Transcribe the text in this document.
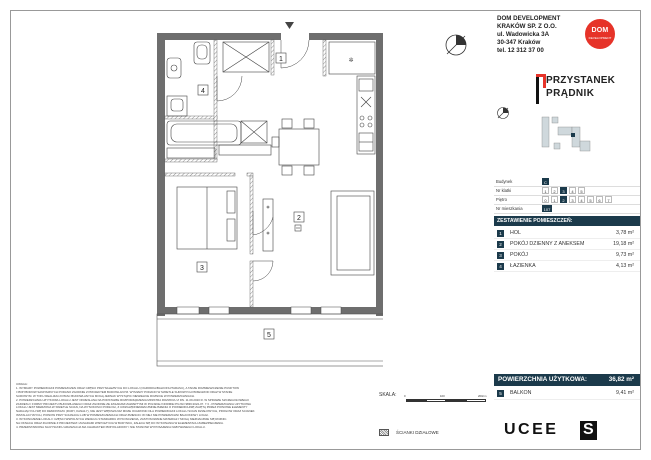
✲
1
2
3
4
5
DOM DEVELOPMENT
KRAKÓW SP. Z O.O.
ul. Wadowicka 3A
30-347 Kraków
tel. 12 312 37 00
DOM
DEVELOPMENT
PRZYSTANEK
PRĄDNIK
Budynek	C
Nr klatki	1	2	3	4	5
Piętro	0	1	2	3	4	5	6	7
Nr mieszkania	107
ZESTAWIENIE POMIESZCZEŃ:
1	HOL	3,78 m²
2	POKÓJ DZIENNY Z ANEKSEM	19,18 m²
3	POKÓJ	9,73 m²
4	ŁAZIENKA	4,13 m²
POWIERZCHNIA UŻYTKOWA:	36,82 m²
5	BALKON	9,41 m²
UWAGA:
1. WYMIARY POWIERZCHNI POMIESZCZEŃ ORAZ CZĘŚCI PRZYNALEŻNYCH DO LOKALU (OGRÓDKA/BALKONU/TARASU), A TAKŻE ROZMIESZCZENIE PUNKTÓW
I PRZYBORÓW SANITARNYCH PODANO ZGODNIE Z PROJEKTEM BUDOWLANYM. WYMIARY PODANO W ŚWIETLE SUROWYCH PRZEGRÓD ORAZ W STANIE
SUROWYM. W TOKU REALIZACJI PRAC BUDOWLANYCH MOGĄ JEDNAK WYSTĄPIĆ NIEWIELKIE RÓŻNICE W POWIERZCHNIACH.
2. POWIERZCHNIA UŻYTKOWA LOKALU JEST OKREŚLANA NA PODSTAWIE ROZPORZĄDZENIA MINISTRA ROZWOJU Z DN. 11.09.2020 R. W SPRAWIE SZCZEGÓŁOWEGO
ZAKRESU I FORMY PROJEKTU BUDOWLANEGO ORAZ ZGODNIE ZE ZASADAMI ZAWARTYMI W POLSKIEJ NORMIE PN-ISO 9836:2022-07. 7.3 - POWIERZCHNIA UŻYTKOWA
LOKALU JEST MIERZONA W ŚWIETLE ŚCIAN, NA WYSOKOŚCI PODŁOGI, Z UWZGLĘDNIENIEM ZMNIEJSZENIA O POWIERZCHNIĘ ZAJĘTĄ PRZEZ PIONOWE ELEMENTY
NADAJĄCYCH SIĘ DO DEMONTAŻU (RURY, KANAŁY), NIE JEST WIĘKSZA NIŻ MOŻE OCHRONIĆ DLA POWIERZCHNI LOKALU ŚCIAN DZIAŁOWYCH, PROGÓW ORAZ ŚCIANEK
INSTALACYJNYCH, PIONÓW PRZY ŚCIANACH LUB W POMIESZCZENIACH ORAZ ZMIEŚCIĆ W NIEJ NIE POWIERZCHNI BALKONÓW I LOGGI.
3. WYKOŃCZENIE LOKALI I CZĘŚCI WSPÓLNYCH WEDŁUG STANDARDU WYKOŃCZENIA, ZASTOSOWANE MATERIAŁY MOGĄ NIEZNACZNIE SIĘ RÓŻNIĆ.
NA OKNACH ORAZ ZGODNIE Z PROJEKTEM I ZASADAMI WSPÓŁŻYCIA W BUDYNKU, ZALECA SIĘ DO WYKONANIA W ELEMENTACH ZABEZPIECZENIA.
4. PRZEDSTAWIONA NA RYSUNKU ARANŻACJA MA CHARAKTER PRZYKŁADOWY I NIE STANOWI WYPOSAŻENIA NABYWANEGO LOKALU.
SKALA:	0	100	200cm
ŚCIANKI DZIAŁOWE	UCEE S
